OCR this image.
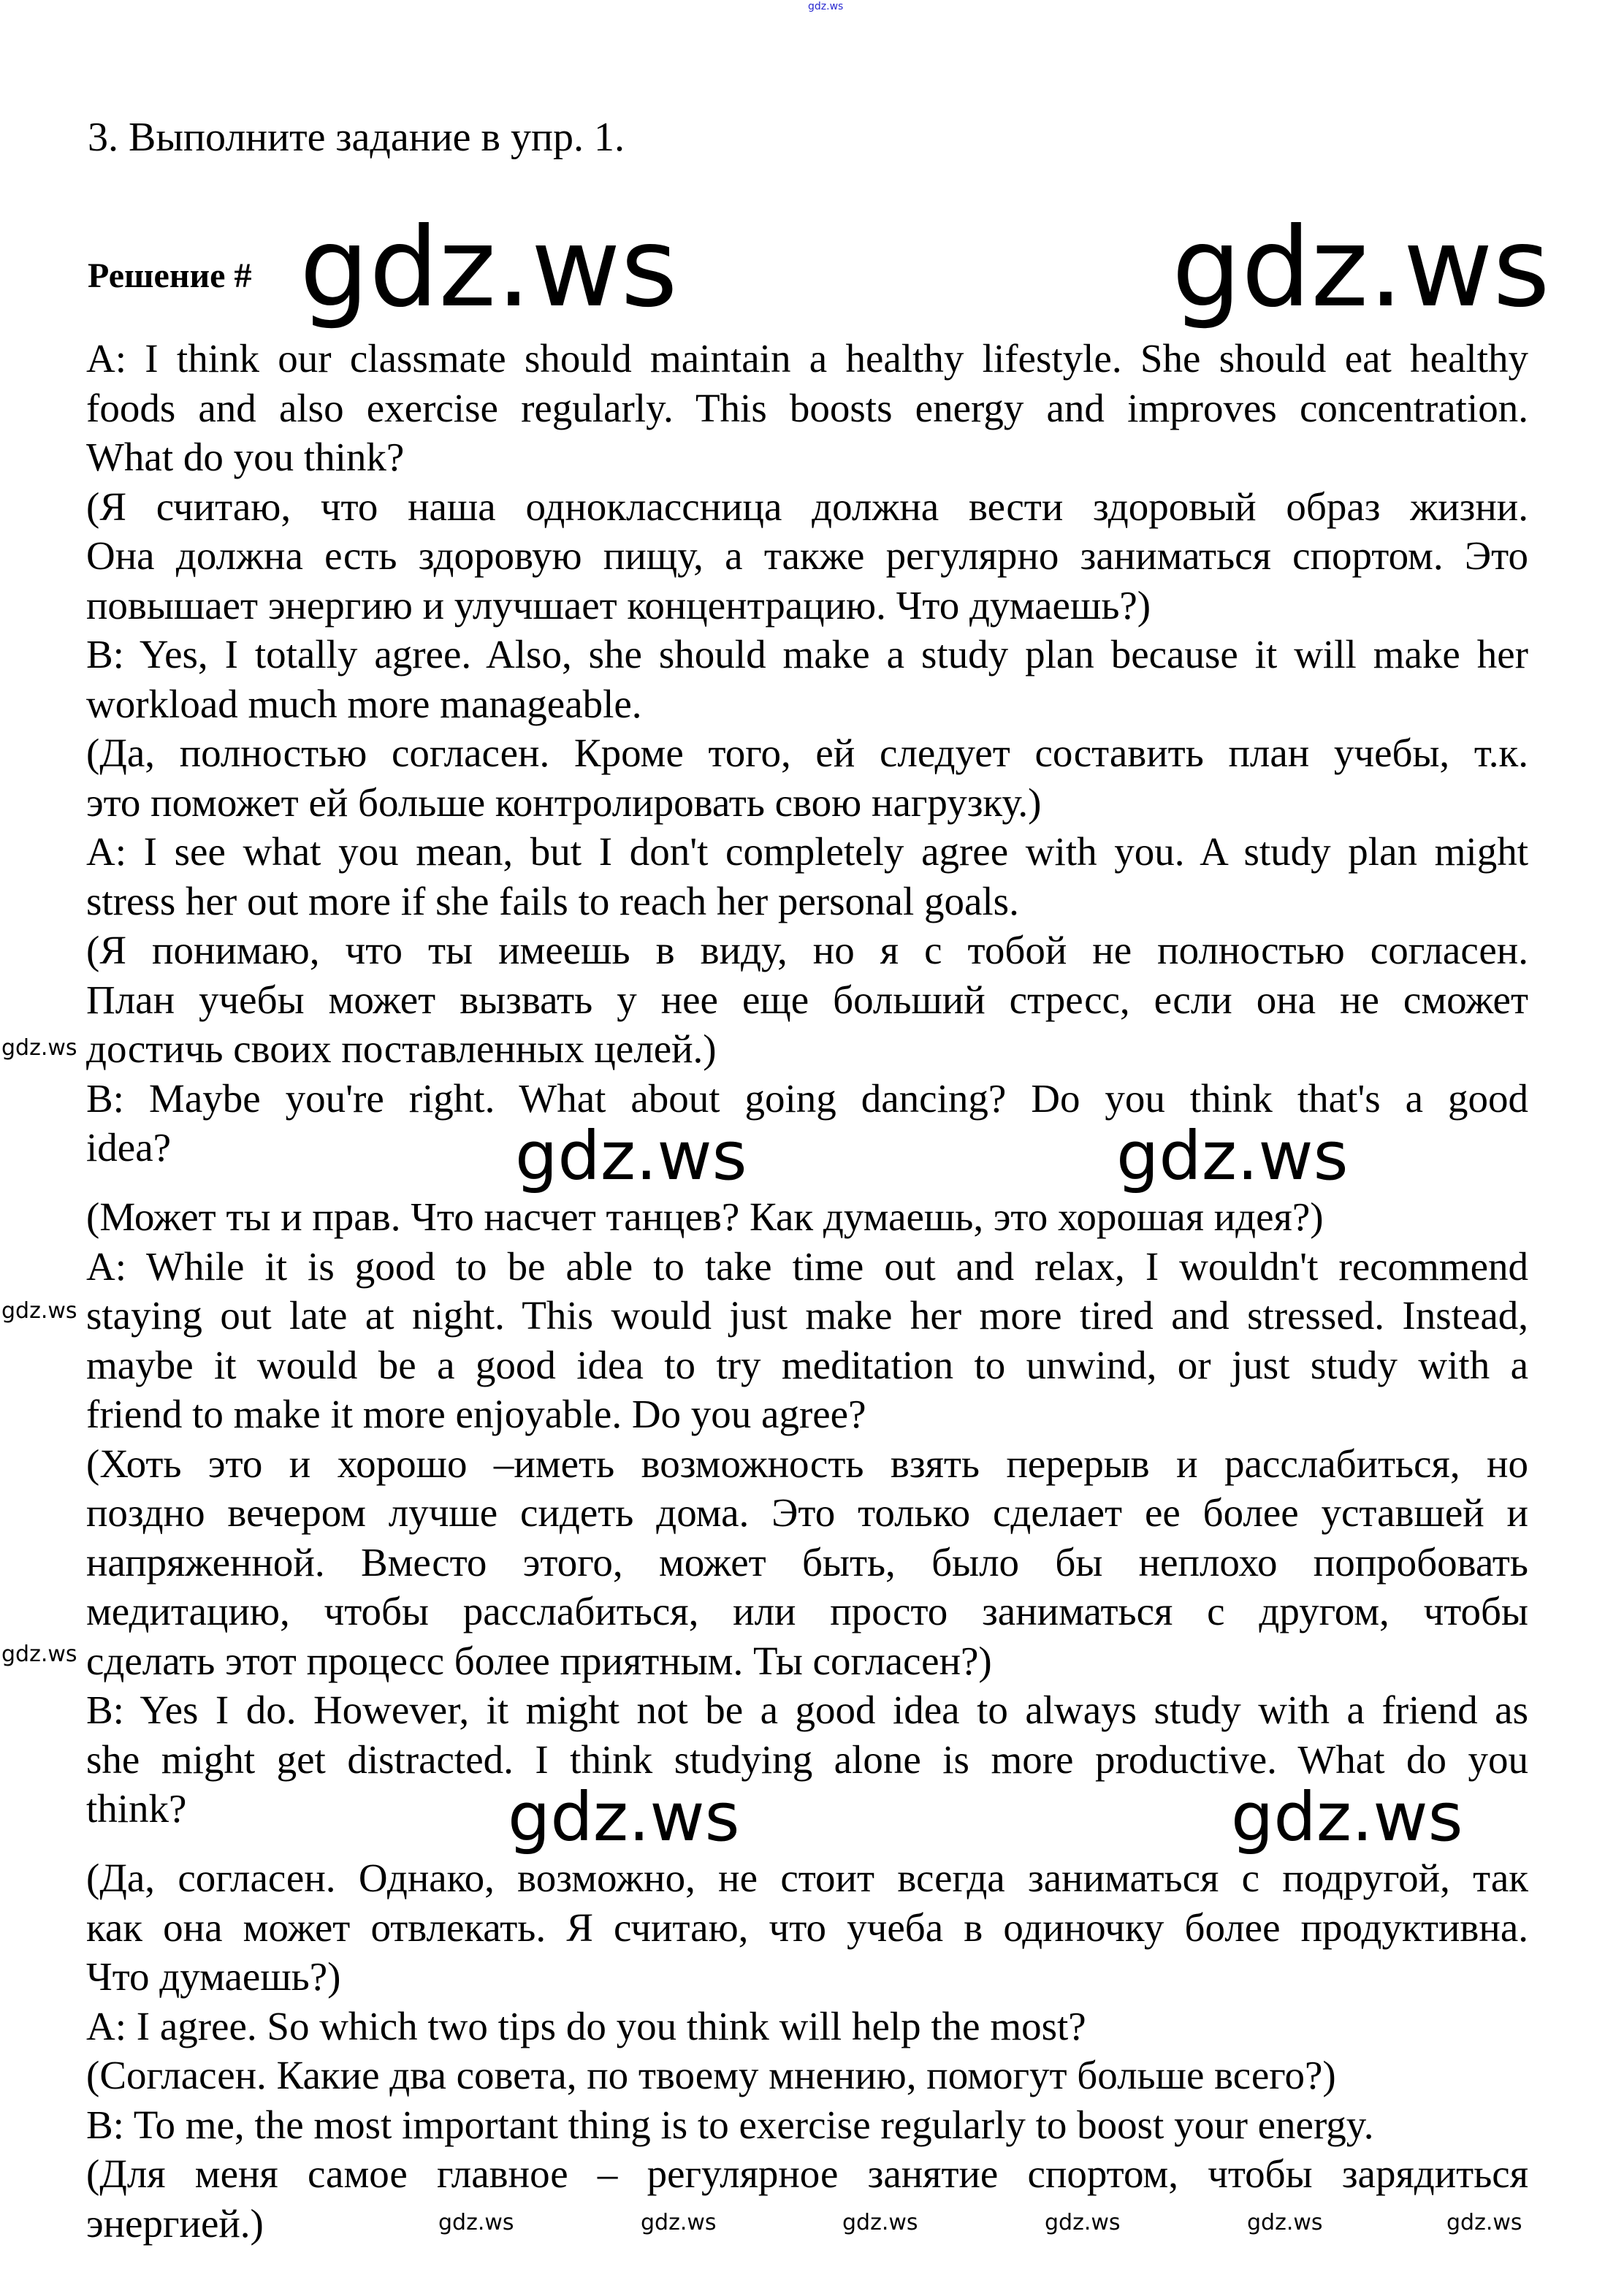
3. Выполните задание в упр. 1.
Решение #
A: I think our classmate should maintain a healthy lifestyle. She should eat healthy
foods and also exercise regularly. This boosts energy and improves concentration.
What do you think?
(Я считаю, что наша одноклассница должна вести здоровый образ жизни.
Она должна есть здоровую пищу, а также регулярно заниматься спортом. Это
повышает энергию и улучшает концентрацию. Что думаешь?)
B: Yes, I totally agree. Also, she should make a study plan because it will make her
workload much more manageable.
(Да, полностью согласен. Кроме того, ей следует составить план учебы, т.к.
это поможет ей больше контролировать свою нагрузку.)
A: I see what you mean, but I don't completely agree with you. A study plan might
stress her out more if she fails to reach her personal goals.
(Я понимаю, что ты имеешь в виду, но я с тобой не полностью согласен.
План учебы может вызвать у нее еще больший стресс, если она не сможет
достичь своих поставленных целей.)
B: Maybe you're right. What about going dancing? Do you think that's a good
idea?
(Может ты и прав. Что насчет танцев? Как думаешь, это хорошая идея?)
A: While it is good to be able to take time out and relax, I wouldn't recommend
staying out late at night. This would just make her more tired and stressed. Instead,
maybe it would be a good idea to try meditation to unwind, or just study with a
friend to make it more enjoyable. Do you agree?
(Хоть это и хорошо –иметь возможность взять перерыв и расслабиться, но
поздно вечером лучше сидеть дома. Это только сделает ее более уставшей и
напряженной. Вместо этого, может быть, было бы неплохо попробовать
медитацию, чтобы расслабиться, или просто заниматься с другом, чтобы
сделать этот процесс более приятным. Ты согласен?)
B: Yes I do. However, it might not be a good idea to always study with a friend as
she might get distracted. I think studying alone is more productive. What do you
think?
(Да, согласен. Однако, возможно, не стоит всегда заниматься с подругой, так
как она может отвлекать. Я считаю, что учеба в одиночку более продуктивна.
Что думаешь?)
A: I agree. So which two tips do you think will help the most?
(Согласен. Какие два совета, по твоему мнению, помогут больше всего?)
B: To me, the most important thing is to exercise regularly to boost your energy.
(Для меня самое главное – регулярное занятие спортом, чтобы зарядиться
энергией.)
gdz.ws
gdz.ws	gdz.ws
gdz.ws	gdz.ws
gdz.ws	gdz.ws
gdz.ws
gdz.ws
gdz.ws
gdz.ws	gdz.ws	gdz.ws	gdz.ws	gdz.ws	gdz.ws
